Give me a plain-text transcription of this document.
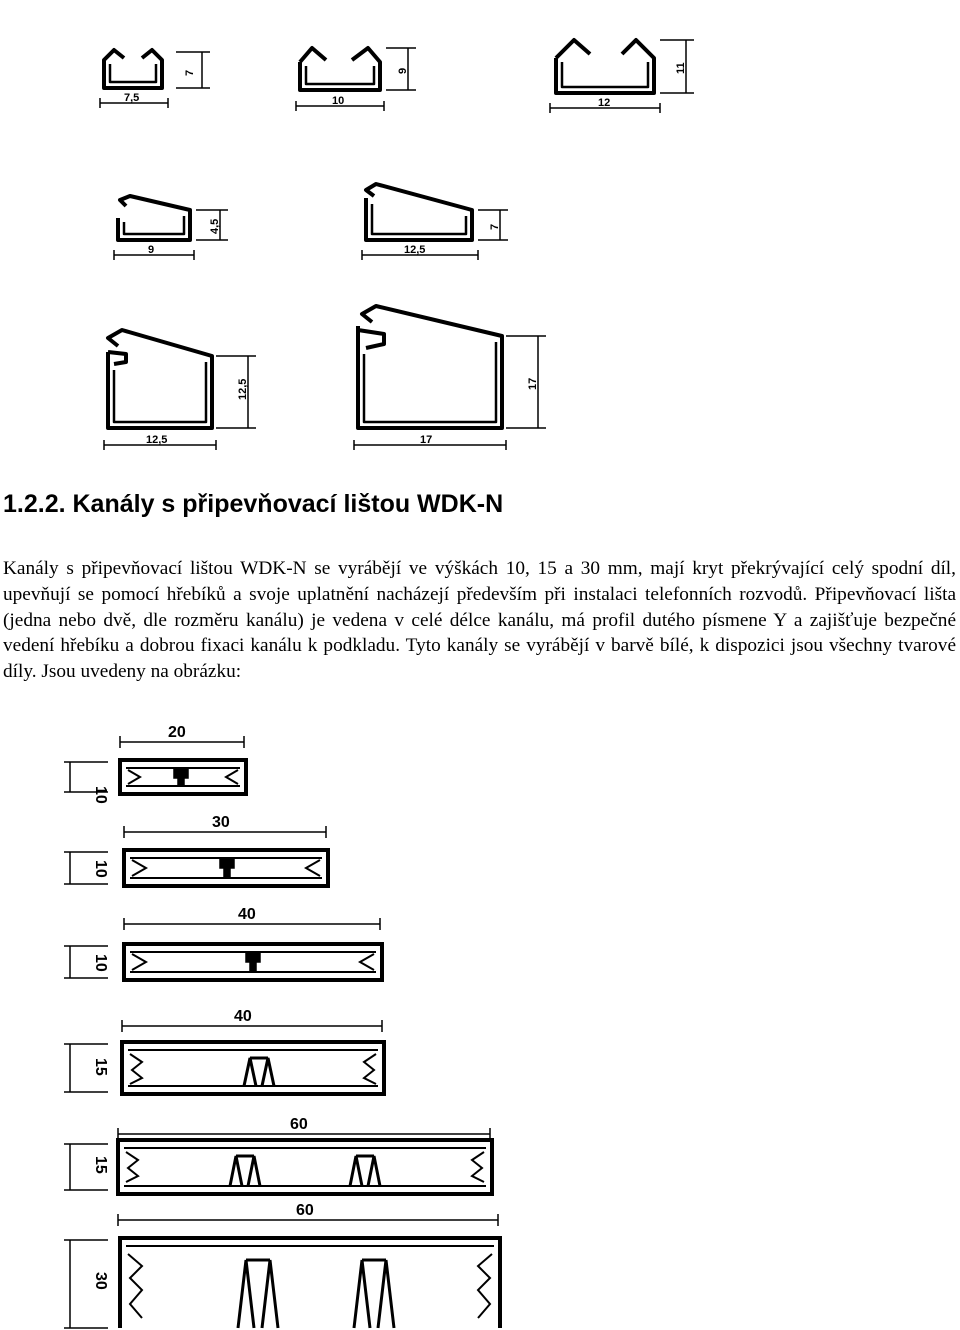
7,5
7
10
9
12
11
9
4,5
12,5
7
12,5
12,5
17
17
1.2.2. Kanály s připevňovací lištou WDK-N

Kanály s připevňovací lištou WDK-N se vyrábějí ve výškách 10, 15 a 30 mm, mají kryt překrývající celý spodní díl, upevňují se pomocí hřebíků a svoje uplatnění nacházejí především při instalaci telefonních rozvodů. Připevňovací lišta (jedna nebo dvě, dle rozměru kanálu) je vedena v celé délce kanálu, má profil dutého písmene Y a zajišťuje bezpečné vedení hřebíku a dobrou fixaci kanálu k podkladu. Tyto kanály se vyrábějí v barvě bílé, k dispozici jsou všechny tvarové díly. Jsou uvedeny na obrázku:

20
10
30
10
40
10
40
15
60
15
60
30
